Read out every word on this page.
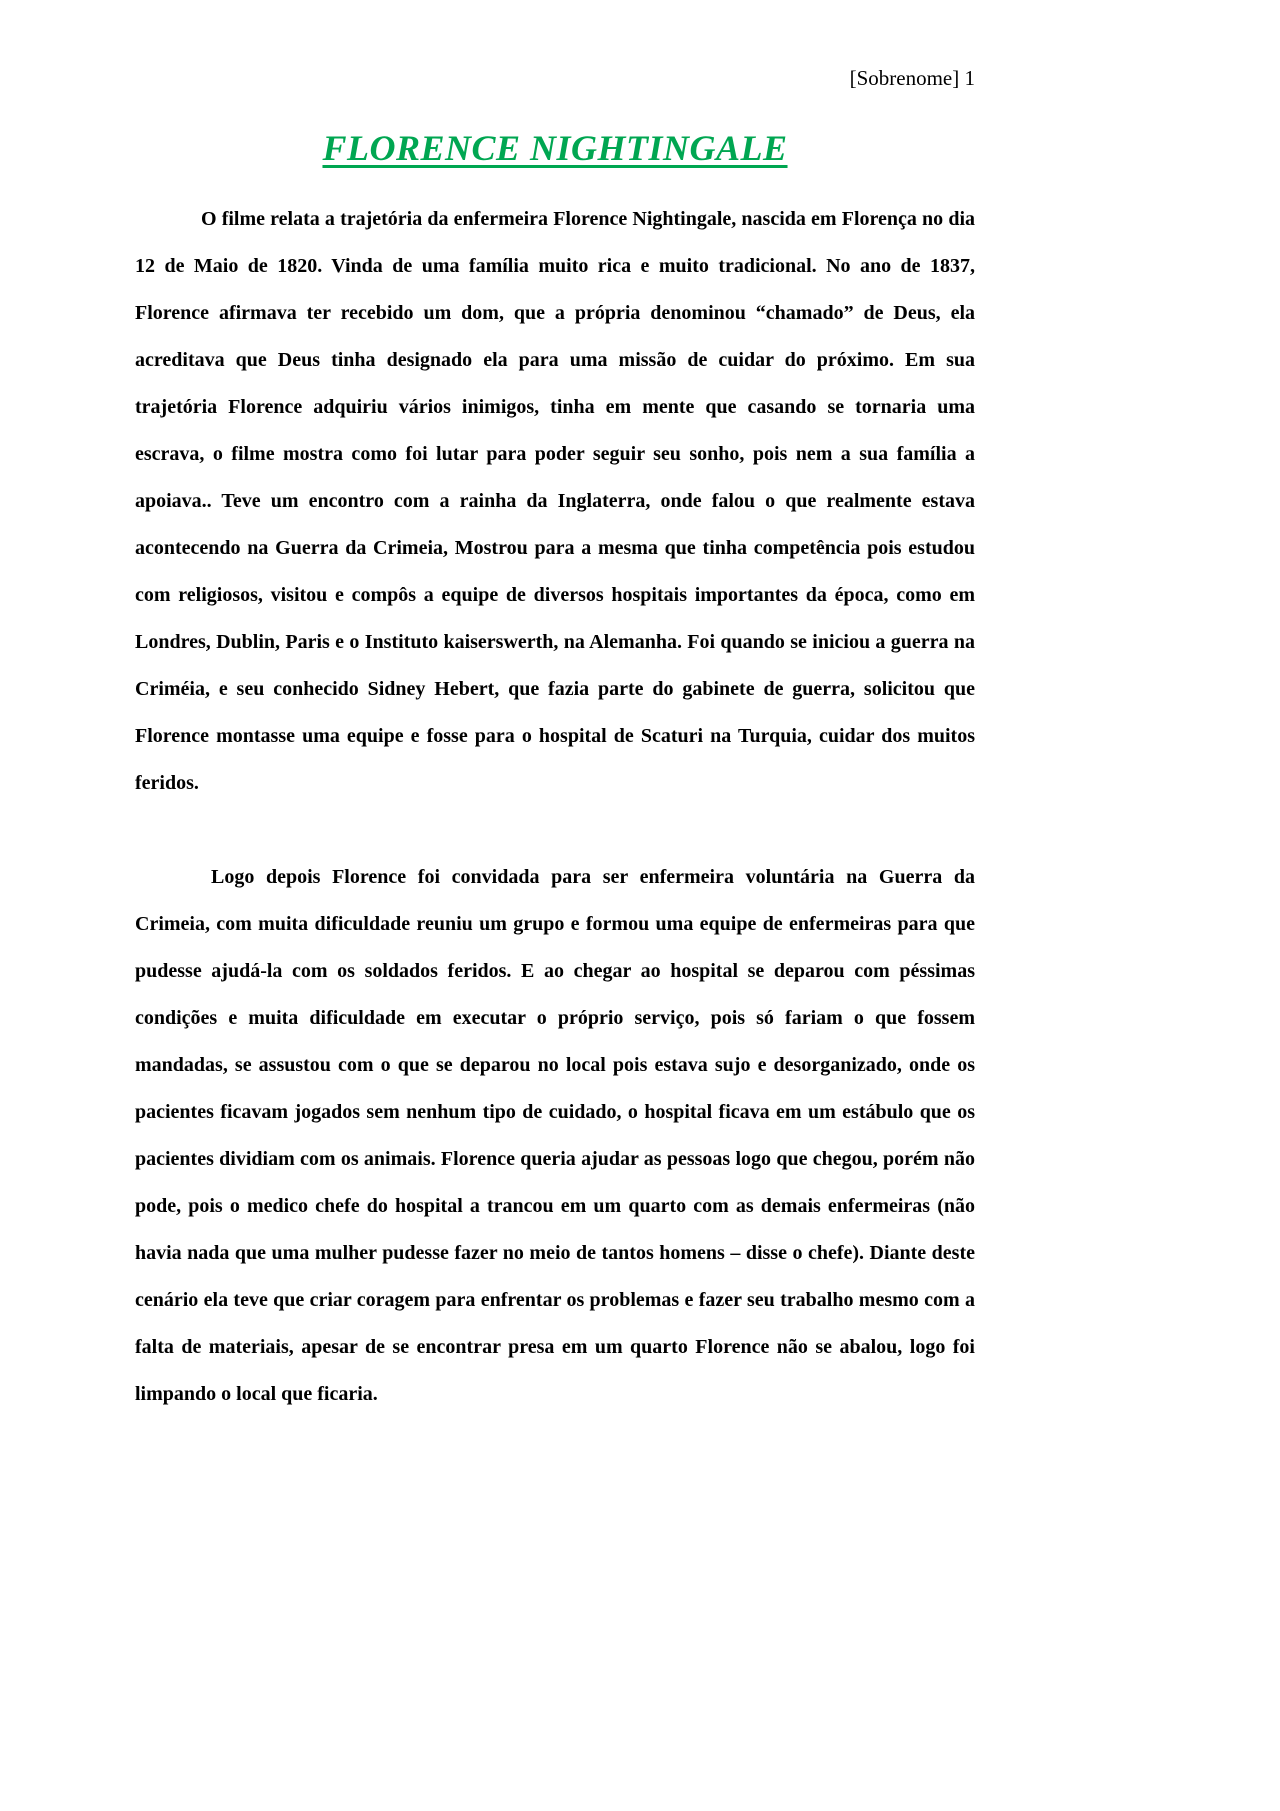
[Sobrenome] 1
FLORENCE NIGHTINGALE

O filme relata a trajetória da enfermeira Florence Nightingale, nascida em Florença no dia 12 de Maio de 1820. Vinda de uma família muito rica e muito tradicional. No ano de 1837, Florence afirmava ter recebido um dom, que a própria denominou “chamado” de Deus, ela acreditava que Deus tinha designado ela para uma missão de cuidar do próximo. Em sua trajetória Florence adquiriu vários inimigos, tinha em mente que casando se tornaria uma escrava, o filme mostra como foi lutar para poder seguir seu sonho, pois nem a sua família a apoiava.. Teve um encontro com a rainha da Inglaterra, onde falou o que realmente estava acontecendo na Guerra da Crimeia, Mostrou para a mesma que tinha competência pois estudou com religiosos, visitou e compôs a equipe de diversos hospitais importantes da época, como em Londres, Dublin, Paris e o Instituto kaiserswerth, na Alemanha. Foi quando se iniciou a guerra na Criméia, e seu conhecido Sidney Hebert, que fazia parte do gabinete de guerra, solicitou que Florence montasse uma equipe e fosse para o hospital de Scaturi na Turquia, cuidar dos muitos feridos.

Logo depois Florence foi convidada para ser enfermeira voluntária na Guerra da Crimeia, com muita dificuldade reuniu um grupo e formou uma equipe de enfermeiras para que pudesse ajudá-la com os soldados feridos. E ao chegar ao hospital se deparou com péssimas condições e muita dificuldade em executar o próprio serviço, pois só fariam o que fossem mandadas, se assustou com o que se deparou no local pois estava sujo e desorganizado, onde os pacientes ficavam jogados sem nenhum tipo de cuidado, o hospital ficava em um estábulo que os pacientes dividiam com os animais. Florence queria ajudar as pessoas logo que chegou, porém não pode, pois o medico chefe do hospital a trancou em um quarto com as demais enfermeiras (não havia nada que uma mulher pudesse fazer no meio de tantos homens – disse o chefe). Diante deste cenário ela teve que criar coragem para enfrentar os problemas e fazer seu trabalho mesmo com a falta de materiais, apesar de se encontrar presa em um quarto Florence não se abalou, logo foi limpando o local que ficaria.
